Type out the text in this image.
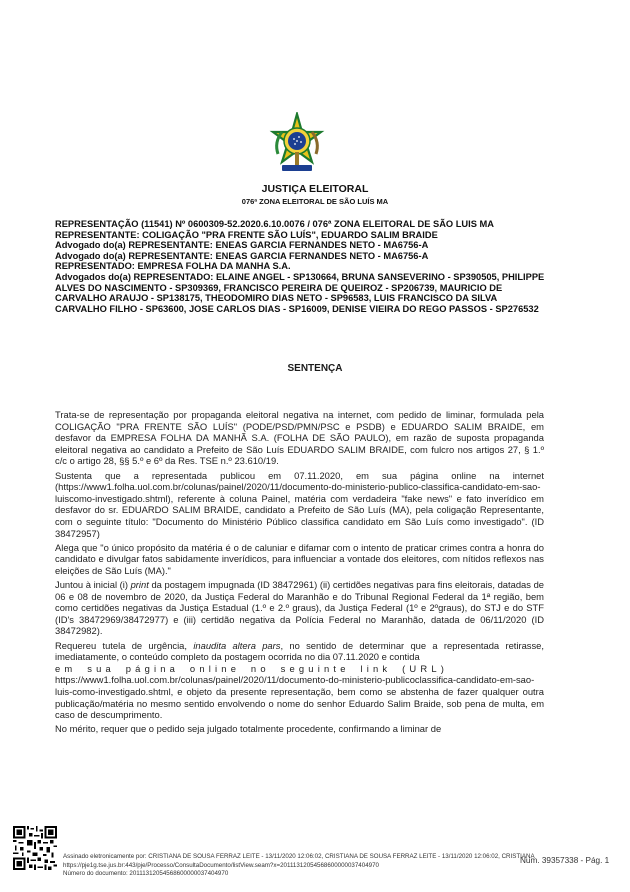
JUSTIÇA ELEITORAL
076ª ZONA ELEITORAL DE SÃO LUÍS MA
REPRESENTAÇÃO (11541) Nº 0600309-52.2020.6.10.0076 / 076ª ZONA ELEITORAL DE SÃO LUIS MA
REPRESENTANTE: COLIGAÇÃO "PRA FRENTE SÃO LUÍS", EDUARDO SALIM BRAIDE
Advogado do(a) REPRESENTANTE: ENEAS GARCIA FERNANDES NETO - MA6756-A
Advogado do(a) REPRESENTANTE: ENEAS GARCIA FERNANDES NETO - MA6756-A
REPRESENTADO: EMPRESA FOLHA DA MANHA S.A.
Advogados do(a) REPRESENTADO: ELAINE ANGEL - SP130664, BRUNA SANSEVERINO - SP390505, PHILIPPE ALVES DO NASCIMENTO - SP309369, FRANCISCO PEREIRA DE QUEIROZ - SP206739, MAURICIO DE CARVALHO ARAUJO - SP138175, THEODOMIRO DIAS NETO - SP96583, LUIS FRANCISCO DA SILVA CARVALHO FILHO - SP63600, JOSE CARLOS DIAS - SP16009, DENISE VIEIRA DO REGO PASSOS - SP276532
SENTENÇA

Trata-se de representação por propaganda eleitoral negativa na internet, com pedido de liminar, formulada pela COLIGAÇÃO "PRA FRENTE SÃO LUÍS" (PODE/PSD/PMN/PSC e PSDB) e EDUARDO SALIM BRAIDE, em desfavor da EMPRESA FOLHA DA MANHÃ S.A. (FOLHA DE SÃO PAULO), em razão de suposta propaganda eleitoral negativa ao candidato a Prefeito de São Luís EDUARDO SALIM BRAIDE, com fulcro nos artigos 27, § 1.º c/c o artigo 28, §§ 5.º e 6º da Res. TSE n.º 23.610/19.

Sustenta que a representada publicou em 07.11.2020, em sua página online na internet (https://www1.folha.uol.com.br/colunas/painel/2020/11/documento-do-ministerio-publico-classifica-candidato-em-sao-luiscomo-investigado.shtml), referente à coluna Painel, matéria com verdadeira "fake news" e fato inverídico em desfavor do sr. EDUARDO SALIM BRAIDE, candidato a Prefeito de São Luís (MA), pela coligação Representante, com o seguinte título: "Documento do Ministério Público classifica candidato em São Luís como investigado". (ID 38472957)

Alega que "o único propósito da matéria é o de caluniar e difamar com o intento de praticar crimes contra a honra do candidato e divulgar fatos sabidamente inverídicos, para influenciar a vontade dos eleitores, com nítidos reflexos nas eleições de São Luís (MA)."

Juntou à inicial (i) print da postagem impugnada (ID 38472961) (ii) certidões negativas para fins eleitorais, datadas de 06 e 08 de novembro de 2020, da Justiça Federal do Maranhão e do Tribunal Regional Federal da 1ª região, bem como certidões negativas da Justiça Estadual (1.º e 2.º graus), da Justiça Federal (1º e 2ºgraus), do STJ e do STF (ID's 38472969/38472977) e (iii) certidão negativa da Polícia Federal no Maranhão, datada de 06/11/2020 (ID 38472982).

Requereu tutela de urgência, inaudita altera pars, no sentido de determinar que a representada retirasse, imediatamente, o conteúdo completo da postagem ocorrida no dia 07.11.2020 e contida
em sua página online no seguinte link (URL)
https://www1.folha.uol.com.br/colunas/painel/2020/11/documento-do-ministerio-publicoclassifica-candidato-em-sao-luis-como-investigado.shtml, e objeto da presente representação, bem como se abstenha de fazer qualquer outra publicação/matéria no mesmo sentido envolvendo o nome do senhor Eduardo Salim Braide, sob pena de multa, em caso de descumprimento.

No mérito, requer que o pedido seja julgado totalmente procedente, confirmando a liminar de

Assinado eletronicamente por: CRISTIANA DE SOUSA FERRAZ LEITE - 13/11/2020 12:06:02, CRISTIANA DE SOUSA FERRAZ LEITE - 13/11/2020 12:06:02, CRISTIANA
https://pje1g.tse.jus.br:443/pje/Processo/ConsultaDocumento/listView.seam?x=20111312054568600000037404970
Número do documento: 20111312054568600000037404970
Num. 39357338 - Pág. 1
